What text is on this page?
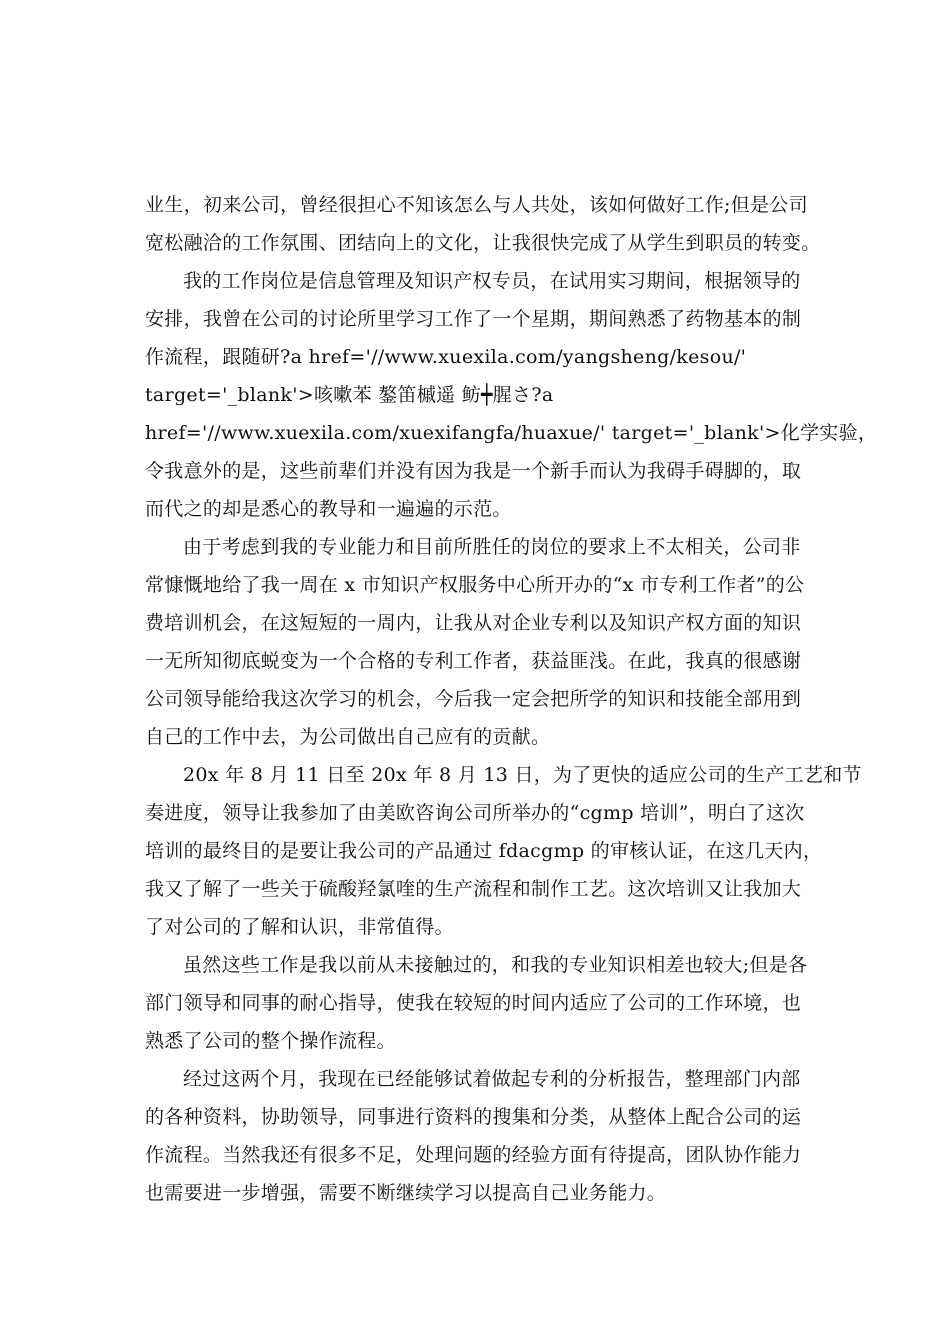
业生，初来公司，曾经很担心不知该怎么与人共处，该如何做好工作;但是公司
宽松融洽的工作氛围、团结向上的文化，让我很快完成了从学生到职员的转变。
我的工作岗位是信息管理及知识产权专员，在试用实习期间，根据领导的
安排，我曾在公司的讨论所里学习工作了一个星期，期间熟悉了药物基本的制
作流程，跟随研?a href='//www.xuexila.com/yangsheng/kesou/'
target='_blank'>咳嗽苯 鏊笛槭遥 鲂┿腥さ?a
href='//www.xuexila.com/xuexifangfa/huaxue/' target='_blank'>化学实验，
令我意外的是，这些前辈们并没有因为我是一个新手而认为我碍手碍脚的，取
而代之的却是悉心的教导和一遍遍的示范。
由于考虑到我的专业能力和目前所胜任的岗位的要求上不太相关，公司非
常慷慨地给了我一周在 x 市知识产权服务中心所开办的“x 市专利工作者”的公
费培训机会，在这短短的一周内，让我从对企业专利以及知识产权方面的知识
一无所知彻底蜕变为一个合格的专利工作者，获益匪浅。在此，我真的很感谢
公司领导能给我这次学习的机会，今后我一定会把所学的知识和技能全部用到
自己的工作中去，为公司做出自己应有的贡献。
20x 年 8 月 11 日至 20x 年 8 月 13 日，为了更快的适应公司的生产工艺和节
奏进度，领导让我参加了由美欧咨询公司所举办的“cgmp 培训”，明白了这次
培训的最终目的是要让我公司的产品通过 fdacgmp 的审核认证，在这几天内，
我又了解了一些关于硫酸羟氯喹的生产流程和制作工艺。这次培训又让我加大
了对公司的了解和认识，非常值得。
虽然这些工作是我以前从未接触过的，和我的专业知识相差也较大;但是各
部门领导和同事的耐心指导，使我在较短的时间内适应了公司的工作环境，也
熟悉了公司的整个操作流程。
经过这两个月，我现在已经能够试着做起专利的分析报告，整理部门内部
的各种资料，协助领导，同事进行资料的搜集和分类，从整体上配合公司的运
作流程。当然我还有很多不足，处理问题的经验方面有待提高，团队协作能力
也需要进一步增强，需要不断继续学习以提高自己业务能力。
